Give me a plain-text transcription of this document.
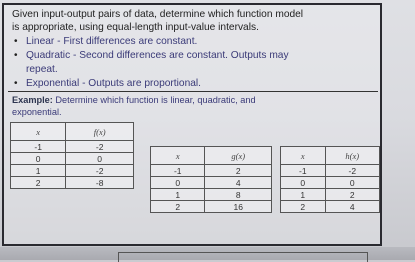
Given input-output pairs of data, determine which function model
is appropriate, using equal-length input-value intervals.
• Linear - First differences are constant.
• Quadratic - Second differences are constant. Outputs may
repeat.
• Exponential - Outputs are proportional.
Example: Determine which function is linear, quadratic, and
exponential.
x	f(x)
-1	-2
0	0
1	-2
2	-8
x	g(x)
-1	2
0	4
1	8
2	16
x	h(x)
-1	-2
0	0
1	2
2	4
